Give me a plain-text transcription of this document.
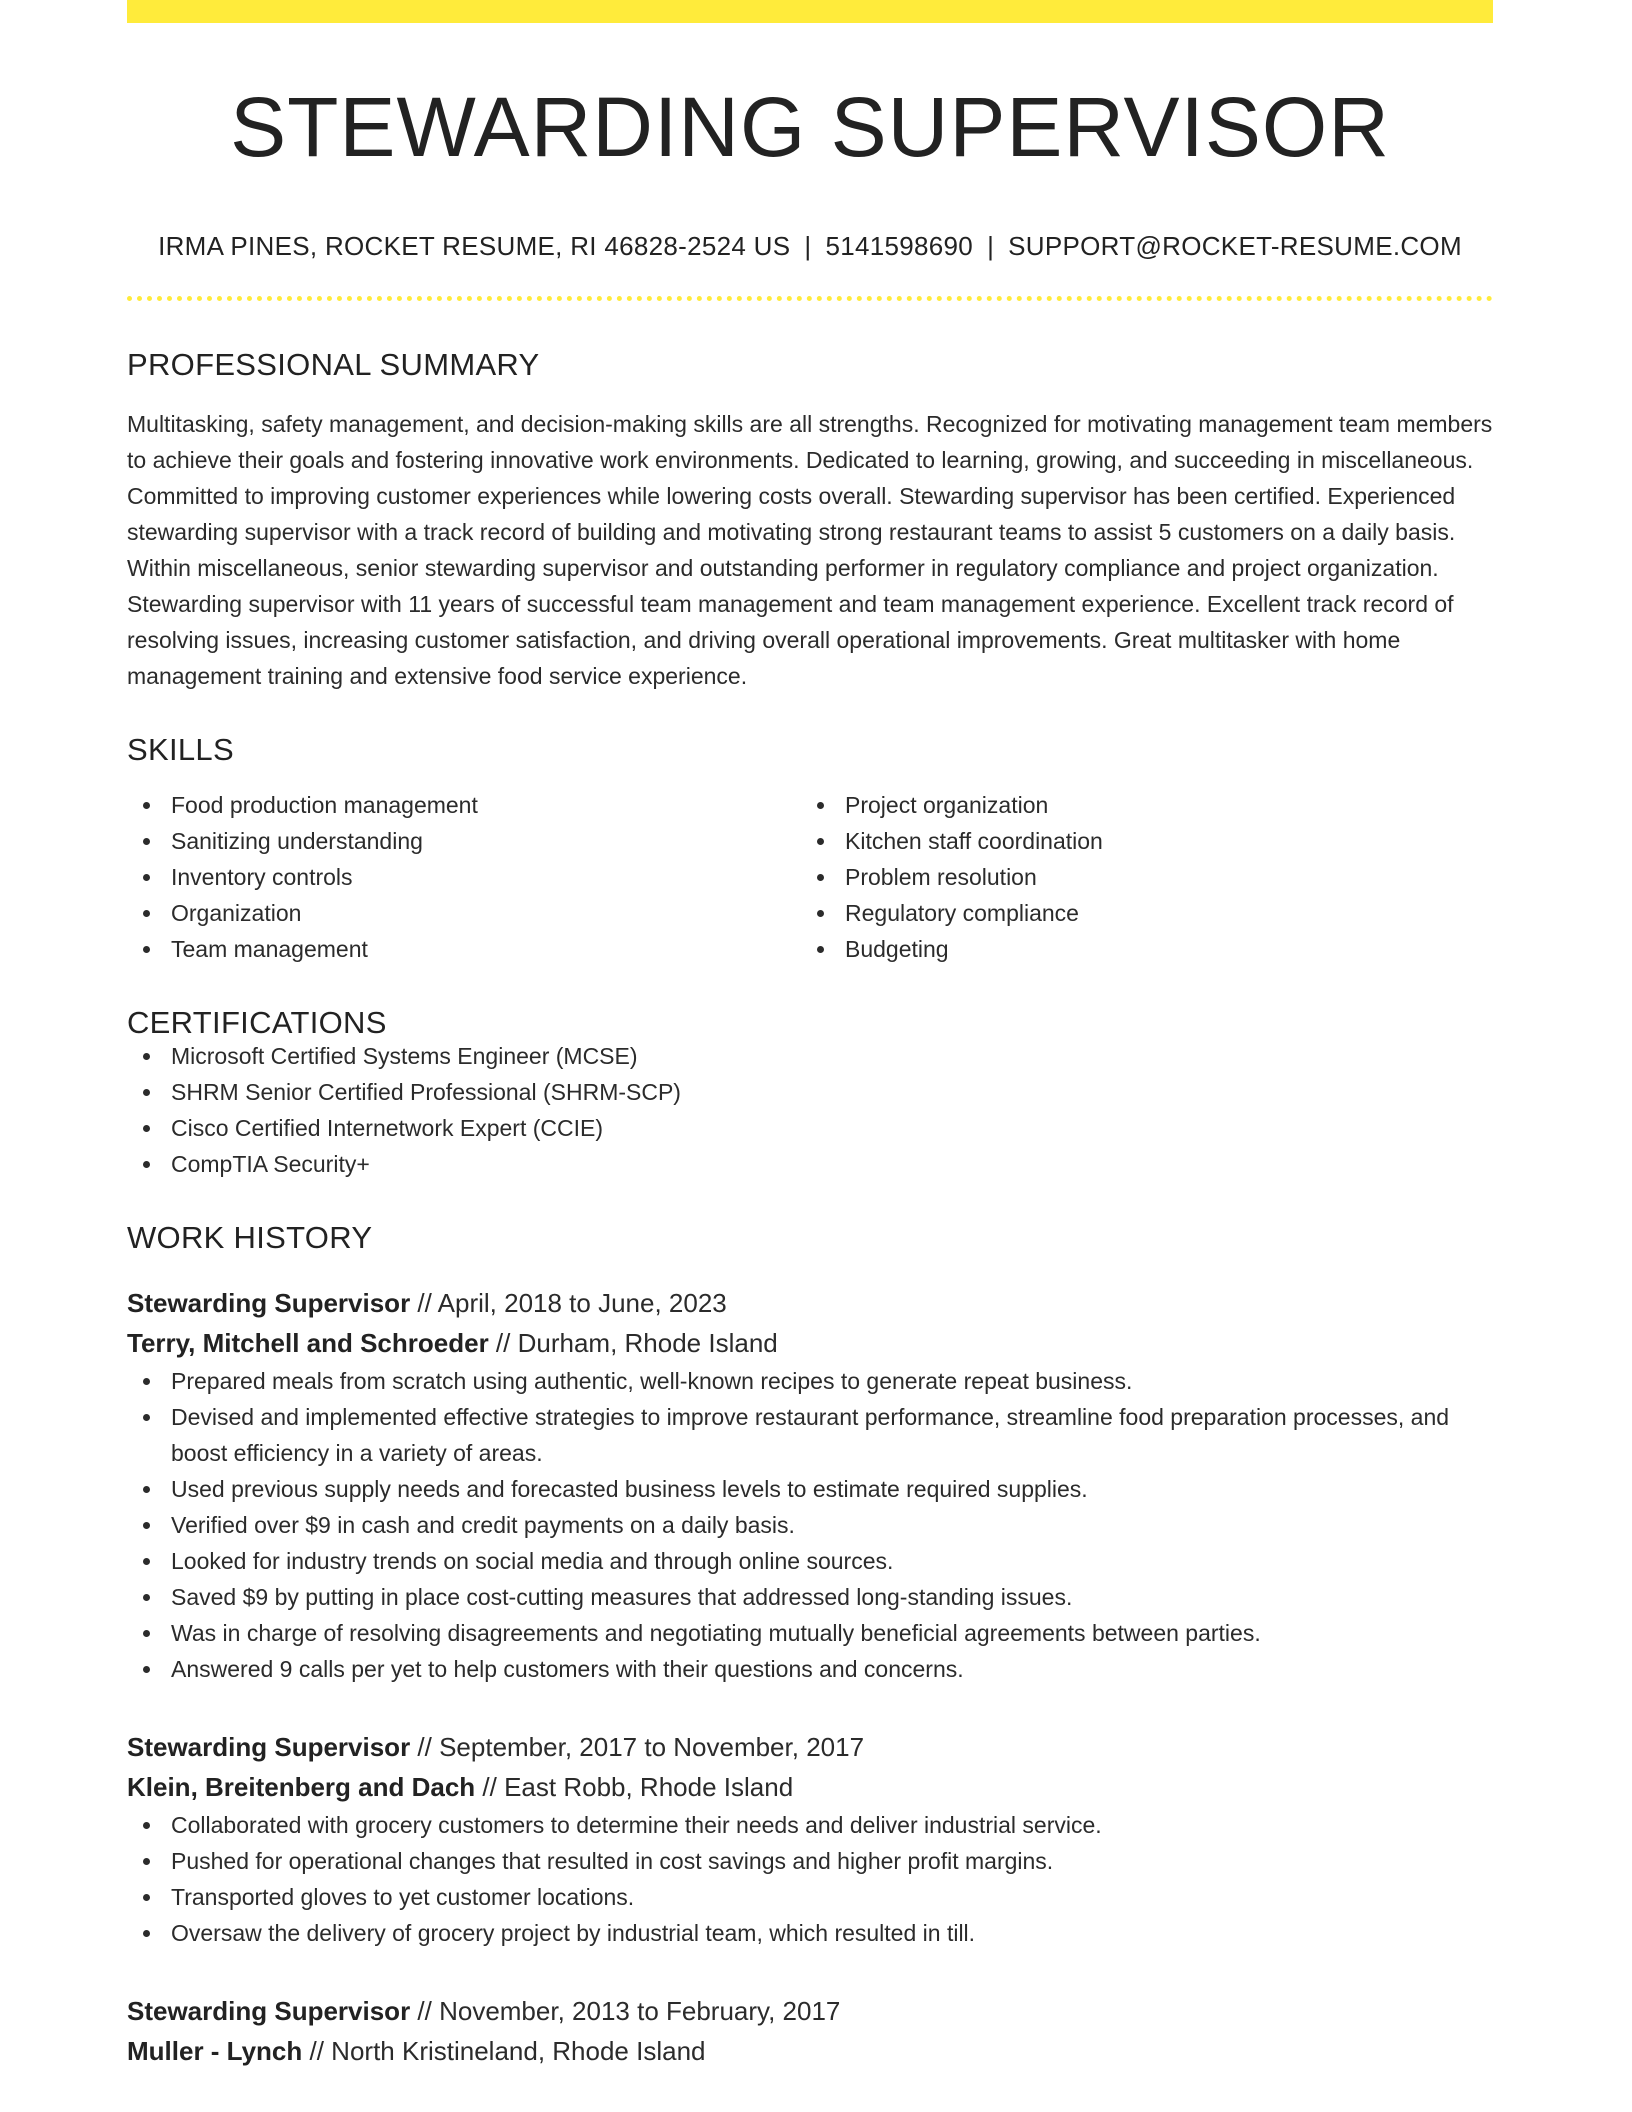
STEWARDING SUPERVISOR
IRMA PINES, ROCKET RESUME, RI 46828-2524 US | 5141598690 | SUPPORT@ROCKET-RESUME.COM
PROFESSIONAL SUMMARY

Multitasking, safety management, and decision-making skills are all strengths. Recognized for motivating management team members to achieve their goals and fostering innovative work environments. Dedicated to learning, growing, and succeeding in miscellaneous. Committed to improving customer experiences while lowering costs overall. Stewarding supervisor has been certified. Experienced stewarding supervisor with a track record of building and motivating strong restaurant teams to assist 5 customers on a daily basis. Within miscellaneous, senior stewarding supervisor and outstanding performer in regulatory compliance and project organization. Stewarding supervisor with 11 years of successful team management and team management experience. Excellent track record of resolving issues, increasing customer satisfaction, and driving overall operational improvements. Great multitasker with home management training and extensive food service experience.

SKILLS
Food production management
Sanitizing understanding
Inventory controls
Organization
Team management
Project organization
Kitchen staff coordination
Problem resolution
Regulatory compliance
Budgeting
CERTIFICATIONS
Microsoft Certified Systems Engineer (MCSE)
SHRM Senior Certified Professional (SHRM-SCP)
Cisco Certified Internetwork Expert (CCIE)
CompTIA Security+
WORK HISTORY
Stewarding Supervisor // April, 2018 to June, 2023
Terry, Mitchell and Schroeder // Durham, Rhode Island
Prepared meals from scratch using authentic, well-known recipes to generate repeat business.
Devised and implemented effective strategies to improve restaurant performance, streamline food preparation processes, and boost efficiency in a variety of areas.
Used previous supply needs and forecasted business levels to estimate required supplies.
Verified over $9 in cash and credit payments on a daily basis.
Looked for industry trends on social media and through online sources.
Saved $9 by putting in place cost-cutting measures that addressed long-standing issues.
Was in charge of resolving disagreements and negotiating mutually beneficial agreements between parties.
Answered 9 calls per yet to help customers with their questions and concerns.
Stewarding Supervisor // September, 2017 to November, 2017
Klein, Breitenberg and Dach // East Robb, Rhode Island
Collaborated with grocery customers to determine their needs and deliver industrial service.
Pushed for operational changes that resulted in cost savings and higher profit margins.
Transported gloves to yet customer locations.
Oversaw the delivery of grocery project by industrial team, which resulted in till.
Stewarding Supervisor // November, 2013 to February, 2017
Muller - Lynch // North Kristineland, Rhode Island
